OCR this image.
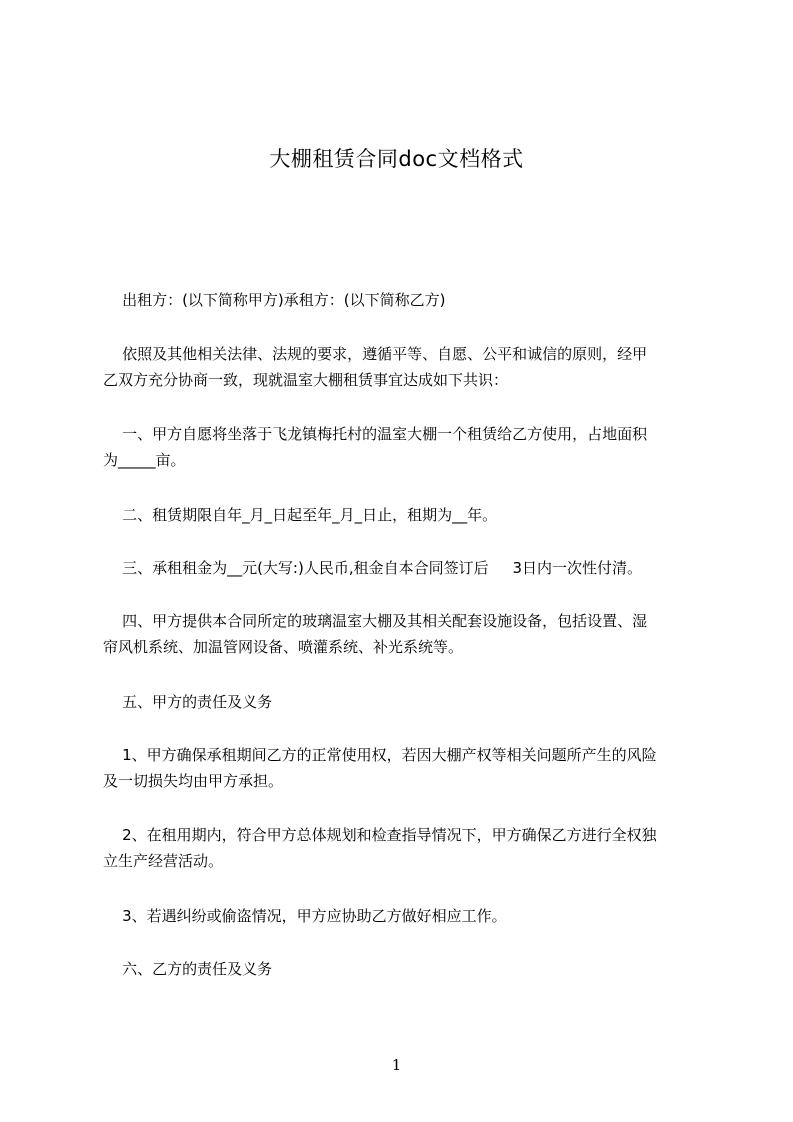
大棚租赁合同doc文档格式
出租方：(以下简称甲方)承租方：(以下简称乙方)
依照及其他相关法律、法规的要求，遵循平等、自愿、公平和诚信的原则，经甲
乙双方充分协商一致，现就温室大棚租赁事宜达成如下共识：
一、甲方自愿将坐落于飞龙镇梅托村的温室大棚一个租赁给乙方使用，占地面积
为_____亩。
二、租赁期限自年_月_日起至年_月_日止，租期为__年。
三、承租租金为__元(大写:)人民币,租金自本合同签订后     3日内一次性付清。
四、甲方提供本合同所定的玻璃温室大棚及其相关配套设施设备，包括设置、湿
帘风机系统、加温管网设备、喷灌系统、补光系统等。
五、甲方的责任及义务
1、甲方确保承租期间乙方的正常使用权，若因大棚产权等相关问题所产生的风险
及一切损失均由甲方承担。
2、在租用期内，符合甲方总体规划和检查指导情况下，甲方确保乙方进行全权独
立生产经营活动。
3、若遇纠纷或偷盗情况，甲方应协助乙方做好相应工作。
六、乙方的责任及义务
1
